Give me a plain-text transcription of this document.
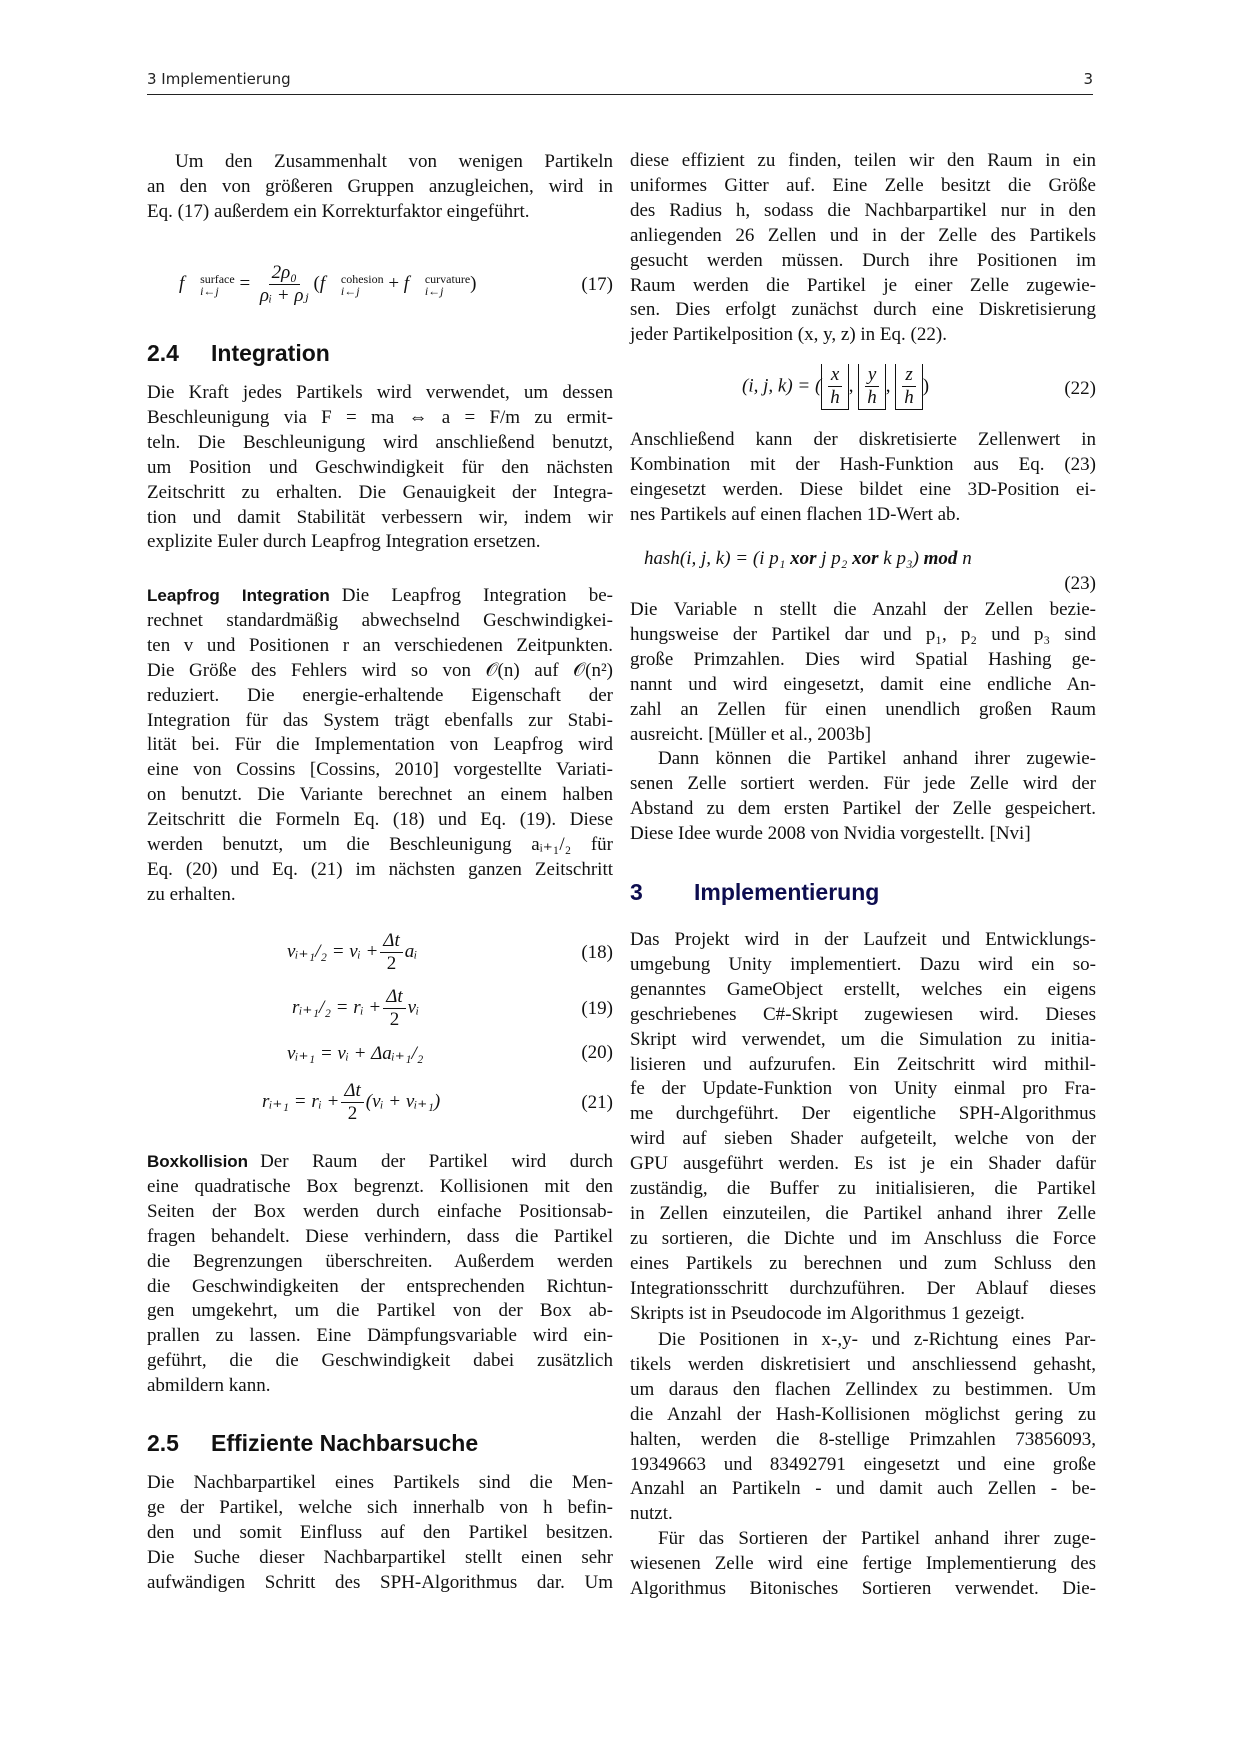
3 Implementierung	3
Um den Zusammenhalt von wenigen Partikeln
an den von größeren Gruppen anzugleichen, wird in
Eq. (17) außerdem ein Korrekturfaktor eingeführt.
f⃗ surface
i←j	= $\frac{\text{2ρ₀}}{\text{ρᵢ + ρⱼ}}$ (f⃗ cohesion
i←j	+ f⃗ curvature
i←j	)	(17)
2.4 Integration
Die Kraft jedes Partikels wird verwendet, um dessen
Beschleunigung via F = ma ⇔ a = F/m zu ermit-
teln. Die Beschleunigung wird anschließend benutzt,
um Position und Geschwindigkeit für den nächsten
Zeitschritt zu erhalten. Die Genauigkeit der Integra-
tion und damit Stabilität verbessern wir, indem wir
explizite Euler durch Leapfrog Integration ersetzen.
Leapfrog Integration Die Leapfrog Integration be-
rechnet standardmäßig abwechselnd Geschwindigkei-
ten v und Positionen r an verschiedenen Zeitpunkten.
Die Größe des Fehlers wird so von 𝒪(n) auf 𝒪(n²)
reduziert. Die energie-erhaltende Eigenschaft der
Integration für das System trägt ebenfalls zur Stabi-
lität bei. Für die Implementation von Leapfrog wird
eine von Cossins [Cossins, 2010] vorgestellte Variati-
on benutzt. Die Variante berechnet an einem halben
Zeitschritt die Formeln Eq. (18) und Eq. (19). Diese
werden benutzt, um die Beschleunigung aᵢ₊₁/₂ für
Eq. (20) und Eq. (21) im nächsten ganzen Zeitschritt
zu erhalten.
vᵢ₊₁/₂ = vᵢ + $\frac{\Delta t}{2}$ aᵢ	(18)
rᵢ₊₁/₂ = rᵢ + $\frac{\Delta t}{2}$ vᵢ	(19)
vᵢ₊₁ = vᵢ + Δaᵢ₊₁/₂	(20)
rᵢ₊₁ = rᵢ + $\frac{\Delta t}{2}$ (vᵢ + vᵢ₊₁)	(21)
Boxkollision Der Raum der Partikel wird durch
eine quadratische Box begrenzt. Kollisionen mit den
Seiten der Box werden durch einfache Positionsab-
fragen behandelt. Diese verhindern, dass die Partikel
die Begrenzungen überschreiten. Außerdem werden
die Geschwindigkeiten der entsprechenden Richtun-
gen umgekehrt, um die Partikel von der Box ab-
prallen zu lassen. Eine Dämpfungsvariable wird ein-
geführt, die die Geschwindigkeit dabei zusätzlich
abmildern kann.
2.5 Effiziente Nachbarsuche
Die Nachbarpartikel eines Partikels sind die Men-
ge der Partikel, welche sich innerhalb von h befin-
den und somit Einfluss auf den Partikel besitzen.
Die Suche dieser Nachbarpartikel stellt einen sehr
aufwändigen Schritt des SPH-Algorithmus dar. Um
diese effizient zu finden, teilen wir den Raum in ein
uniformes Gitter auf. Eine Zelle besitzt die Größe
des Radius h, sodass die Nachbarpartikel nur in den
anliegenden 26 Zellen und in der Zelle des Partikels
gesucht werden müssen. Durch ihre Positionen im
Raum werden die Partikel je einer Zelle zugewie-
sen. Dies erfolgt zunächst durch eine Diskretisierung
jeder Partikelposition (x, y, z) in Eq. (22).
(i, j, k) = ( $\frac{x}{h}$ , $\frac{y}{h}$ , $\frac{z}{h}$ )	(22)
Anschließend kann der diskretisierte Zellenwert in
Kombination mit der Hash-Funktion aus Eq. (23)
eingesetzt werden. Diese bildet eine 3D-Position ei-
nes Partikels auf einen flachen 1D-Wert ab.
hash(i, j, k) = (i p₁ xor j p₂ xor k p₃) mod n
(23)
Die Variable n stellt die Anzahl der Zellen bezie-
hungsweise der Partikel dar und p₁, p₂ und p₃ sind
große Primzahlen. Dies wird Spatial Hashing ge-
nannt und wird eingesetzt, damit eine endliche An-
zahl an Zellen für einen unendlich großen Raum
ausreicht. [Müller et al., 2003b]
Dann können die Partikel anhand ihrer zugewie-
senen Zelle sortiert werden. Für jede Zelle wird der
Abstand zu dem ersten Partikel der Zelle gespeichert.
Diese Idee wurde 2008 von Nvidia vorgestellt. [Nvi]
3 Implementierung
Das Projekt wird in der Laufzeit und Entwicklungs-
umgebung Unity implementiert. Dazu wird ein so-
genanntes GameObject erstellt, welches ein eigens
geschriebenes C#-Skript zugewiesen wird. Dieses
Skript wird verwendet, um die Simulation zu initia-
lisieren und aufzurufen. Ein Zeitschritt wird mithil-
fe der Update-Funktion von Unity einmal pro Fra-
me durchgeführt. Der eigentliche SPH-Algorithmus
wird auf sieben Shader aufgeteilt, welche von der
GPU ausgeführt werden. Es ist je ein Shader dafür
zuständig, die Buffer zu initialisieren, die Partikel
in Zellen einzuteilen, die Partikel anhand ihrer Zelle
zu sortieren, die Dichte und im Anschluss die Force
eines Partikels zu berechnen und zum Schluss den
Integrationsschritt durchzuführen. Der Ablauf dieses
Skripts ist in Pseudocode im Algorithmus 1 gezeigt.
Die Positionen in x-,y- und z-Richtung eines Par-
tikels werden diskretisiert und anschliessend gehasht,
um daraus den flachen Zellindex zu bestimmen. Um
die Anzahl der Hash-Kollisionen möglichst gering zu
halten, werden die 8-stellige Primzahlen 73856093,
19349663 und 83492791 eingesetzt und eine große
Anzahl an Partikeln - und damit auch Zellen - be-
nutzt.
Für das Sortieren der Partikel anhand ihrer zuge-
wiesenen Zelle wird eine fertige Implementierung des
Algorithmus Bitonisches Sortieren verwendet. Die-
